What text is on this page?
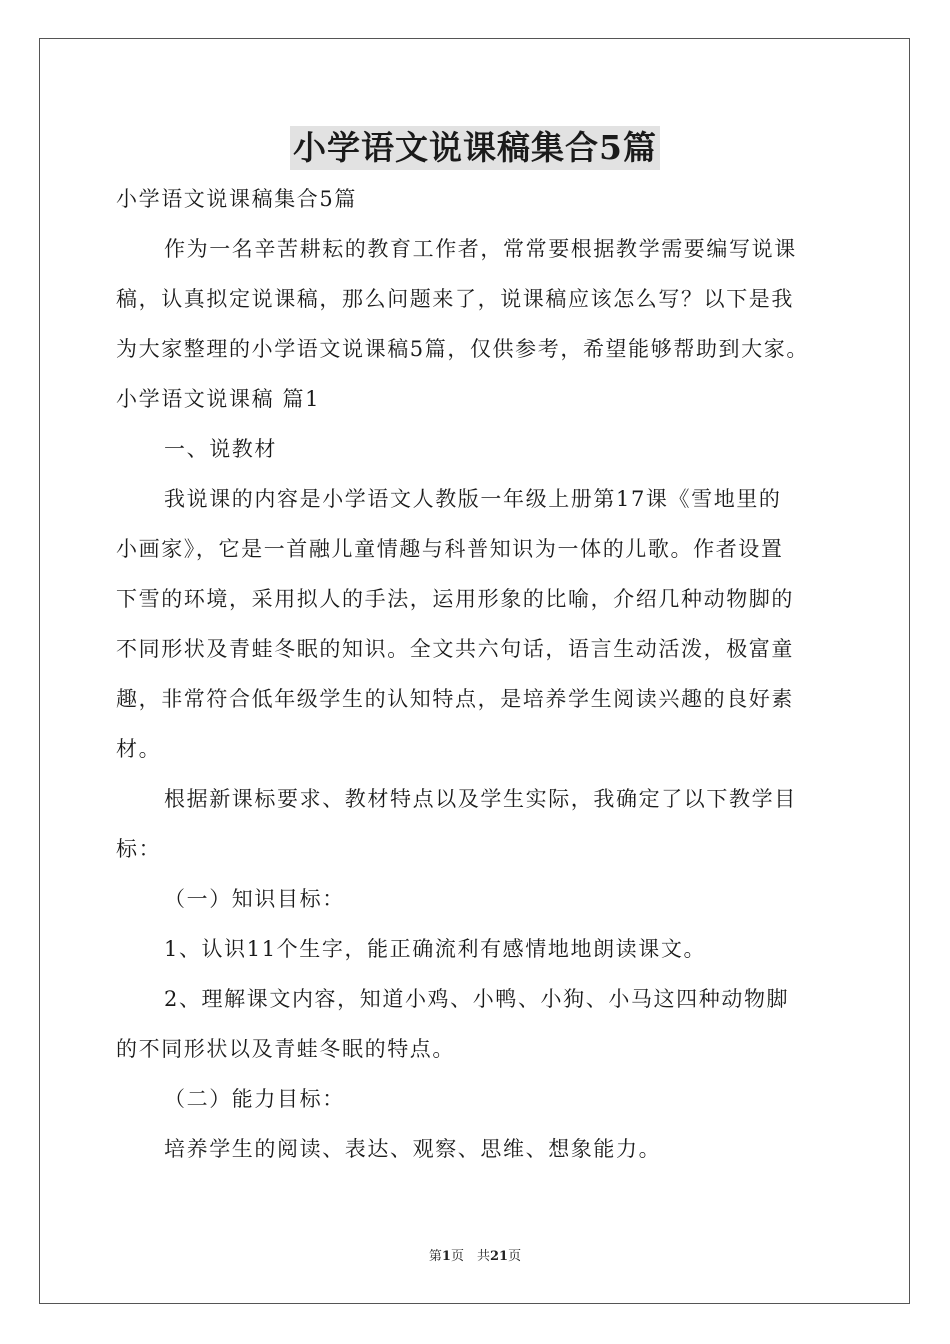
小学语文说课稿集合5篇
小学语文说课稿集合5篇
作为一名辛苦耕耘的教育工作者，常常要根据教学需要编写说课
稿，认真拟定说课稿，那么问题来了，说课稿应该怎么写？以下是我
为大家整理的小学语文说课稿5篇，仅供参考，希望能够帮助到大家。
小学语文说课稿 篇1
一、说教材
我说课的内容是小学语文人教版一年级上册第17课《雪地里的
小画家》，它是一首融儿童情趣与科普知识为一体的儿歌。作者设置
下雪的环境，采用拟人的手法，运用形象的比喻，介绍几种动物脚的
不同形状及青蛙冬眠的知识。全文共六句话，语言生动活泼，极富童
趣，非常符合低年级学生的认知特点，是培养学生阅读兴趣的良好素
材。
根据新课标要求、教材特点以及学生实际，我确定了以下教学目
标：
（一）知识目标：
1、认识11个生字，能正确流利有感情地地朗读课文。
2、理解课文内容，知道小鸡、小鸭、小狗、小马这四种动物脚
的不同形状以及青蛙冬眠的特点。
（二）能力目标：
培养学生的阅读、表达、观察、思维、想象能力。
第1页　共21页
